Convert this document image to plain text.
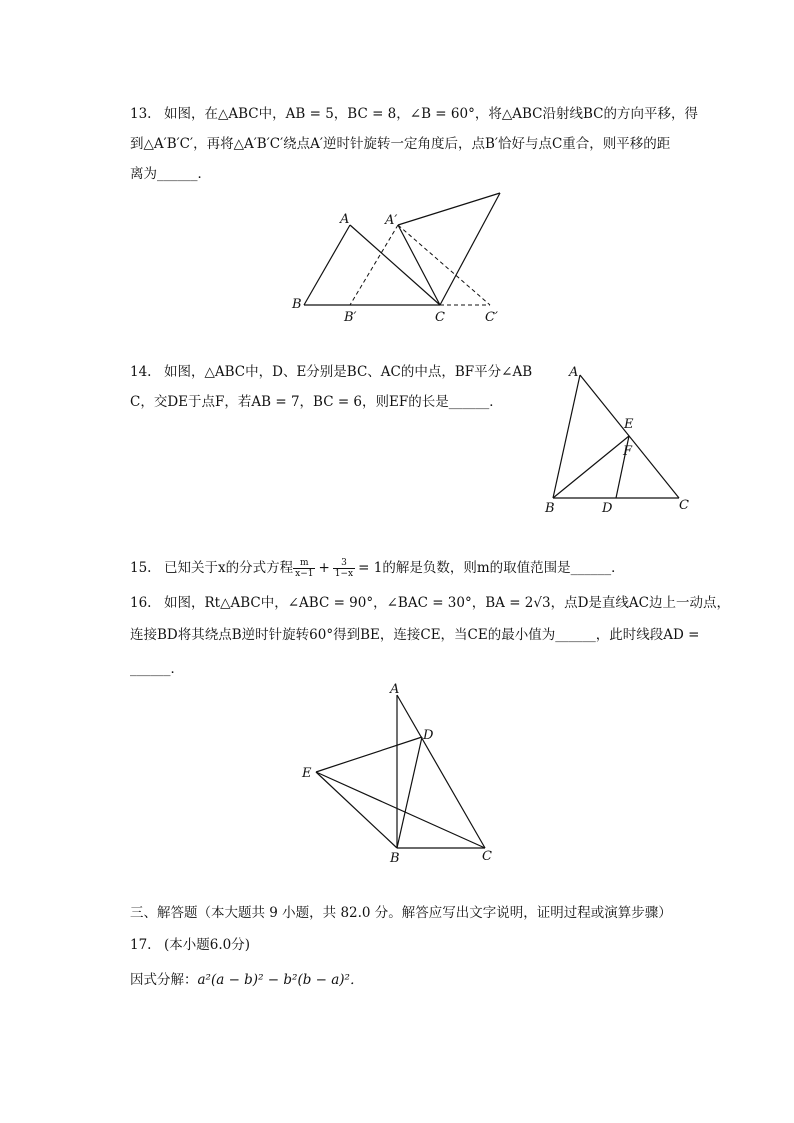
13. 如图，在△ABC中，AB = 5，BC = 8，∠B = 60°，将△ABC沿射线BC的方向平移，得
到△A′B′C′，再将△A′B′C′绕点A′逆时针旋转一定角度后，点B′恰好与点C重合，则平移的距
离为______．
A	A′
B
B′	C	C′
14. 如图，△ABC中，D、E分别是BC、AC的中点，BF平分∠AB
C，交DE于点F，若AB = 7，BC = 6，则EF的长是______．
A
E
F
B	D	C
15. 已知关于x的分式方程 $\frac{m}{x-1} + \frac{3}{1-x} = 1$的解是负数，则m的取值范围是______．
16. 如图，Rt△ABC中，∠ABC = 90°，∠BAC = 30°，BA = 2√3，点D是直线AC边上一动点，
连接BD将其绕点B逆时针旋转60°得到BE，连接CE，当CE的最小值为______，此时线段AD =
______．
A
D
E
B	C
三、解答题（本大题共 9 小题，共 82.0 分。解答应写出文字说明，证明过程或演算步骤）
17. (本小题6.0分)
因式分解：a²(a − b)² − b²(b − a)²．
